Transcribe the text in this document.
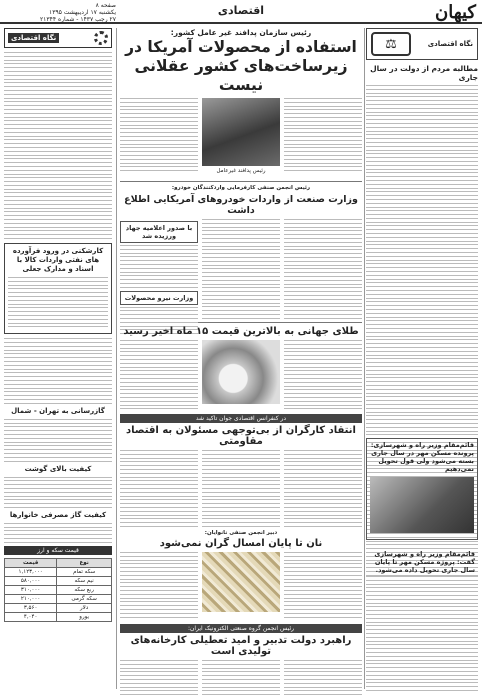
کیهان
اقتصادی
صفحه ۸
یکشنبه ۱۷ اردیبهشت ۱۳۹۵
۲۷ رجب ۱۴۳۷ - شماره ۲۱۳۴۴
نگاه اقتصادی
⚖
مطالبه مردم از دولت در سال جاری
قائم‌مقام وزیر راه و شهرسازی: پرونده مسکن مهر در سال جاری بسته می‌شود ولی قول تحویل نمی‌دهیم
قائم‌مقام وزیر راه و شهرسازی گفت: پروژه مسکن مهر تا پایان سال جاری تحویل داده می‌شود.
نگاه اقتصادی
کارشکنی در ورود فرآورده های نفتی واردات کالا با اسناد و مدارک جعلی
گازرسانی به تهران - شمال
کیفیت بالای گوشت
کیفیت گاز مصرفی خانوارها
قیمت سکه و ارز
نوع	قیمت
سکه تمام	۱,۱۲۳,۰۰۰
نیم سکه	۵۸۰,۰۰۰
ربع سکه	۳۱۰,۰۰۰
سکه گرمی	۲۱۰,۰۰۰
دلار	۳,۵۶۰
یورو	۴,۰۴۰
رئیس سازمان پدافند غیر عامل کشور:
استفاده از محصولات آمریکا در زیرساخت‌های کشور عقلانی نیست
رئیس پدافند غیرعامل
رئیس انجمن صنفی کارفرمایی واردکنندگان خودرو:
وزارت صنعت از واردات خودروهای آمریکایی اطلاع داشت
با صدور اعلامیه جهاد ورزیده شد
وزارت نیرو محصولات
طلای جهانی به بالاترین قیمت ۱۵ ماه اخیر رسید
در کنفرانس اقتصادی جوان تاکید شد
انتقاد کارگران از بی‌توجهی مسئولان به اقتصاد مقاومتی
دبیر انجمن صنفی نانوایان:
نان تا پایان امسال گران نمی‌شود
رئیس انجمن گروه صنعتی الکترونیک ایران:
راهبرد دولت تدبیر و امید تعطیلی کارخانه‌های تولیدی است
